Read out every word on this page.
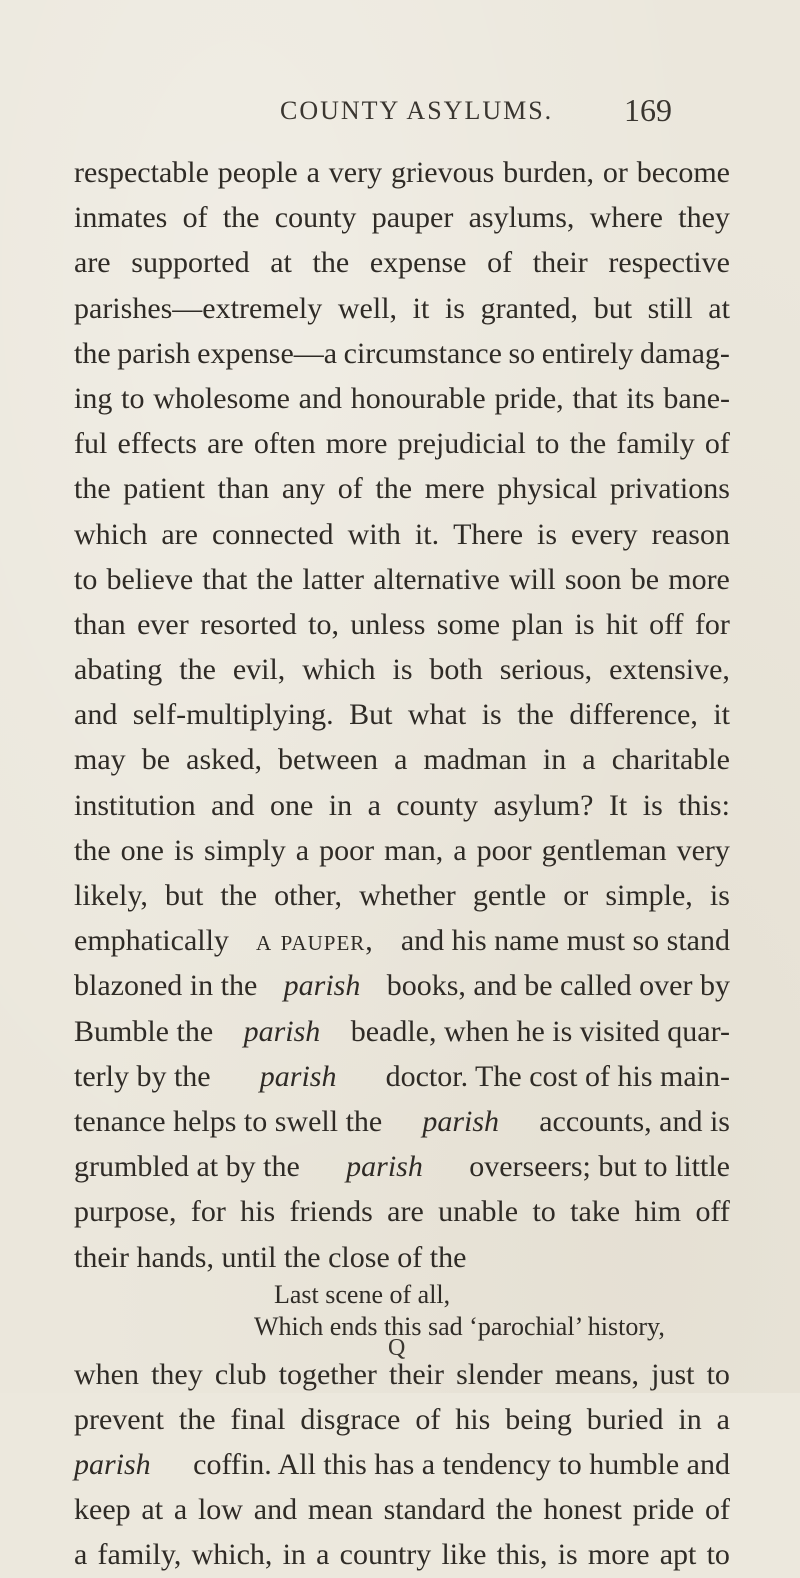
COUNTY ASYLUMS. 169
respectable people a very grievous burden, or become
inmates of the county pauper asylums, where they
are supported at the expense of their respective
parishes—extremely well, it is granted, but still at
the parish expense—a circumstance so entirely damag-
ing to wholesome and honourable pride, that its bane-
ful effects are often more prejudicial to the family of
the patient than any of the mere physical privations
which are connected with it. There is every reason
to believe that the latter alternative will soon be more
than ever resorted to, unless some plan is hit off for
abating the evil, which is both serious, extensive,
and self-multiplying. But what is the difference, it
may be asked, between a madman in a charitable
institution and one in a county asylum? It is this:
the one is simply a poor man, a poor gentleman very
likely, but the other, whether gentle or simple, is
emphatically a pauper, and his name must so stand
blazoned in the parish books, and be called over by
Bumble the parish beadle, when he is visited quar-
terly by the parish doctor. The cost of his main-
tenance helps to swell the parish accounts, and is
grumbled at by the parish overseers; but to little
purpose, for his friends are unable to take him off
their hands, until the close of the
Last scene of all,
Which ends this sad ‘parochial’ history,
when they club together their slender means, just to
prevent the final disgrace of his being buried in a
parish coffin. All this has a tendency to humble and
keep at a low and mean standard the honest pride of
a family, which, in a country like this, is more apt to
Q
